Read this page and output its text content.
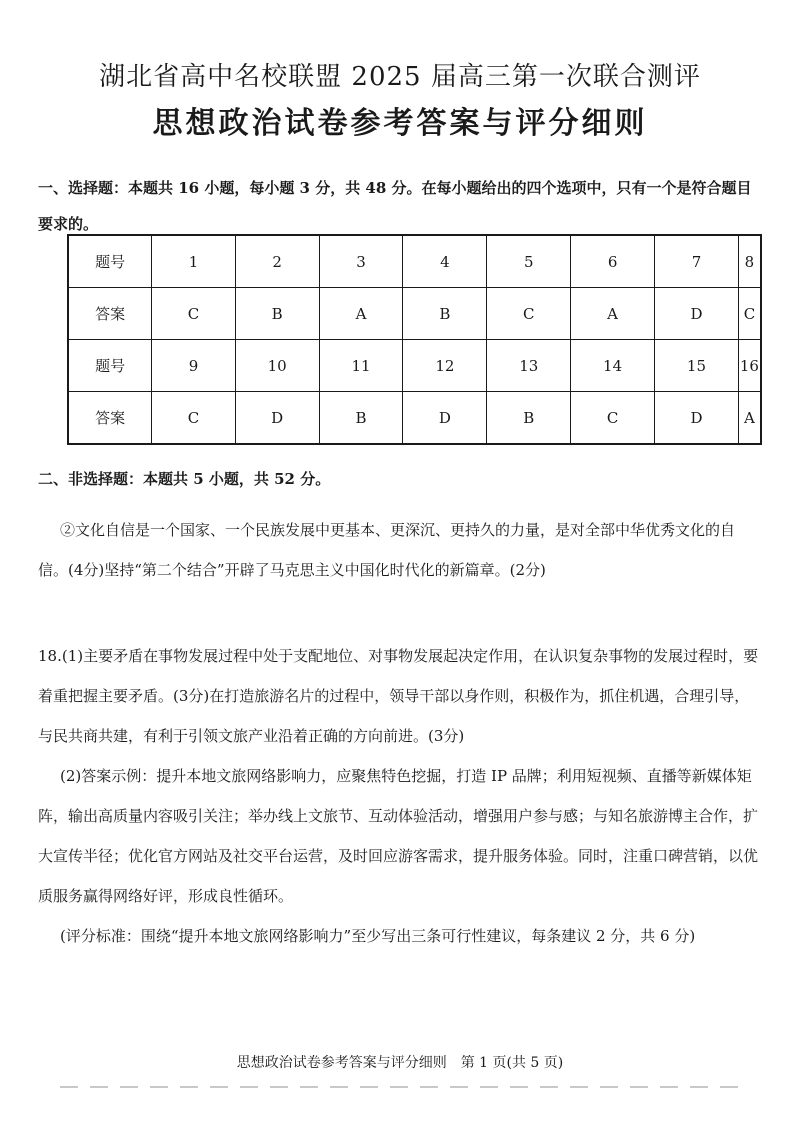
湖北省高中名校联盟 2025 届高三第一次联合测评
思想政治试卷参考答案与评分细则
一、选择题：本题共 16 小题，每小题 3 分，共 48 分。在每小题给出的四个选项中，只有一个是符合题目要求的。
题号	1	2	3	4	5	6	7	8
答案	C	B	A	B	C	A	D	C
题号	9	10	11	12	13	14	15	16
答案	C	D	B	D	B	C	D	A
二、非选择题：本题共 5 小题，共 52 分。

②文化自信是一个国家、一个民族发展中更基本、更深沉、更持久的力量，是对全部中华优秀文化的自信。(4分)坚持“第二个结合”开辟了马克思主义中国化时代化的新篇章。(2分)

18.(1)主要矛盾在事物发展过程中处于支配地位、对事物发展起决定作用，在认识复杂事物的发展过程时，要着重把握主要矛盾。(3分)在打造旅游名片的过程中，领导干部以身作则，积极作为，抓住机遇，合理引导，与民共商共建，有利于引领文旅产业沿着正确的方向前进。(3分)

(2)答案示例：提升本地文旅网络影响力，应聚焦特色挖掘，打造 IP 品牌；利用短视频、直播等新媒体矩阵，输出高质量内容吸引关注；举办线上文旅节、互动体验活动，增强用户参与感；与知名旅游博主合作，扩大宣传半径；优化官方网站及社交平台运营，及时回应游客需求，提升服务体验。同时，注重口碑营销，以优质服务赢得网络好评，形成良性循环。

(评分标准：围绕“提升本地文旅网络影响力”至少写出三条可行性建议，每条建议 2 分，共 6 分)

思想政治试卷参考答案与评分细则　第 1 页(共 5 页)
